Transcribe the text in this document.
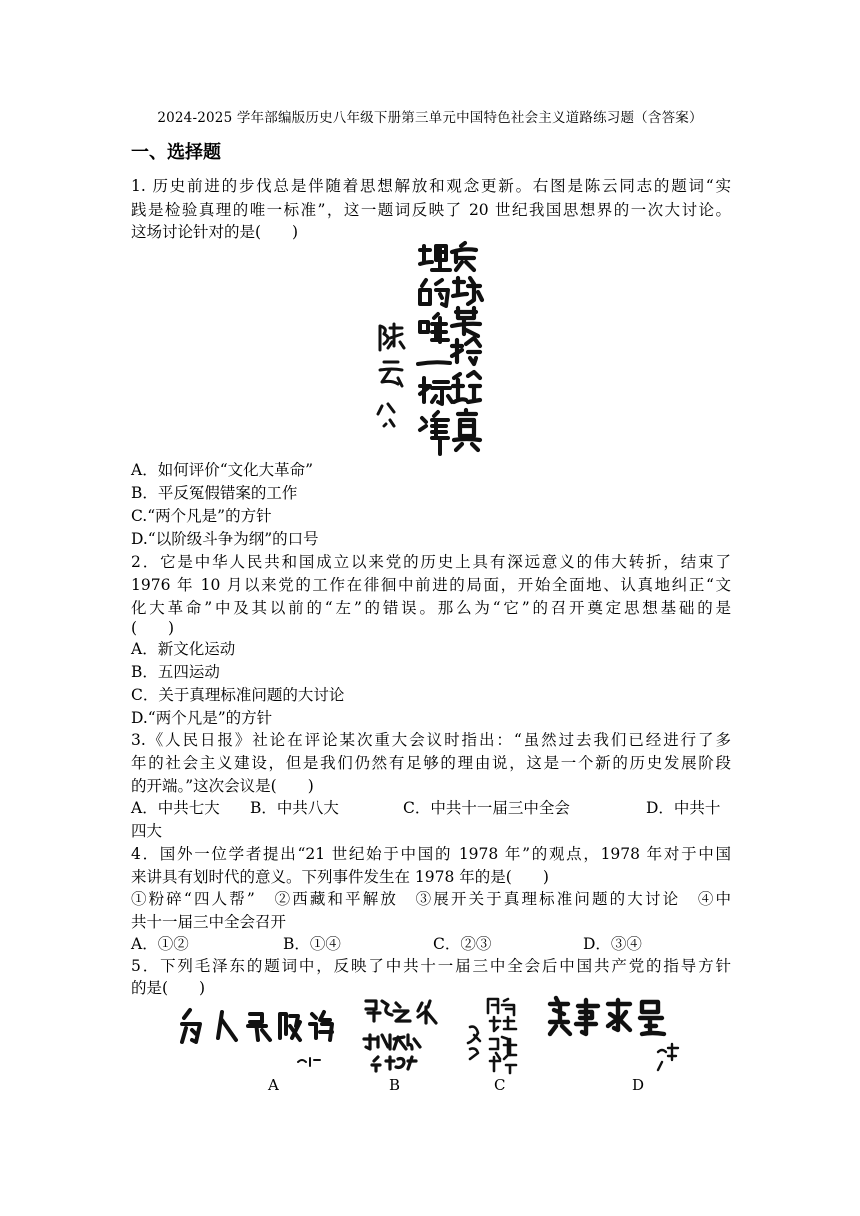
2024-2025 学年部编版历史八年级下册第三单元中国特色社会主义道路练习题（含答案）
一、选择题
1. 历史前进的步伐总是伴随着思想解放和观念更新。右图是陈云同志的题词“实
践是检验真理的唯一标准”，这一题词反映了 20 世纪我国思想界的一次大讨论。
这场讨论针对的是(　　)
A．如何评价“文化大革命”
B．平反冤假错案的工作
C.“两个凡是”的方针
D.“以阶级斗争为纲”的口号
2．它是中华人民共和国成立以来党的历史上具有深远意义的伟大转折，结束了
1976 年 10 月以来党的工作在徘徊中前进的局面，开始全面地、认真地纠正“文
化大革命”中及其以前的“左”的错误。那么为“它”的召开奠定思想基础的是
(　　)
A．新文化运动
B．五四运动
C．关于真理标准问题的大讨论
D.“两个凡是”的方针
3.《人民日报》社论在评论某次重大会议时指出：“虽然过去我们已经进行了多
年的社会主义建设，但是我们仍然有足够的理由说，这是一个新的历史发展阶段
的开端。”这次会议是(　　)
A．中共七大 B．中共八大	C．中共十一届三中全会	D．中共十
四大
4．国外一位学者提出“21 世纪始于中国的 1978 年”的观点，1978 年对于中国
来讲具有划时代的意义。下列事件发生在 1978 年的是(　　)
①粉碎“四人帮”　②西藏和平解放　③展开关于真理标准问题的大讨论　④中
共十一届三中全会召开
A．①②	B．①④	C．②③	D．③④
5．下列毛泽东的题词中，反映了中共十一届三中全会后中国共产党的指导方针
的是(　　)
A	B	C	D
